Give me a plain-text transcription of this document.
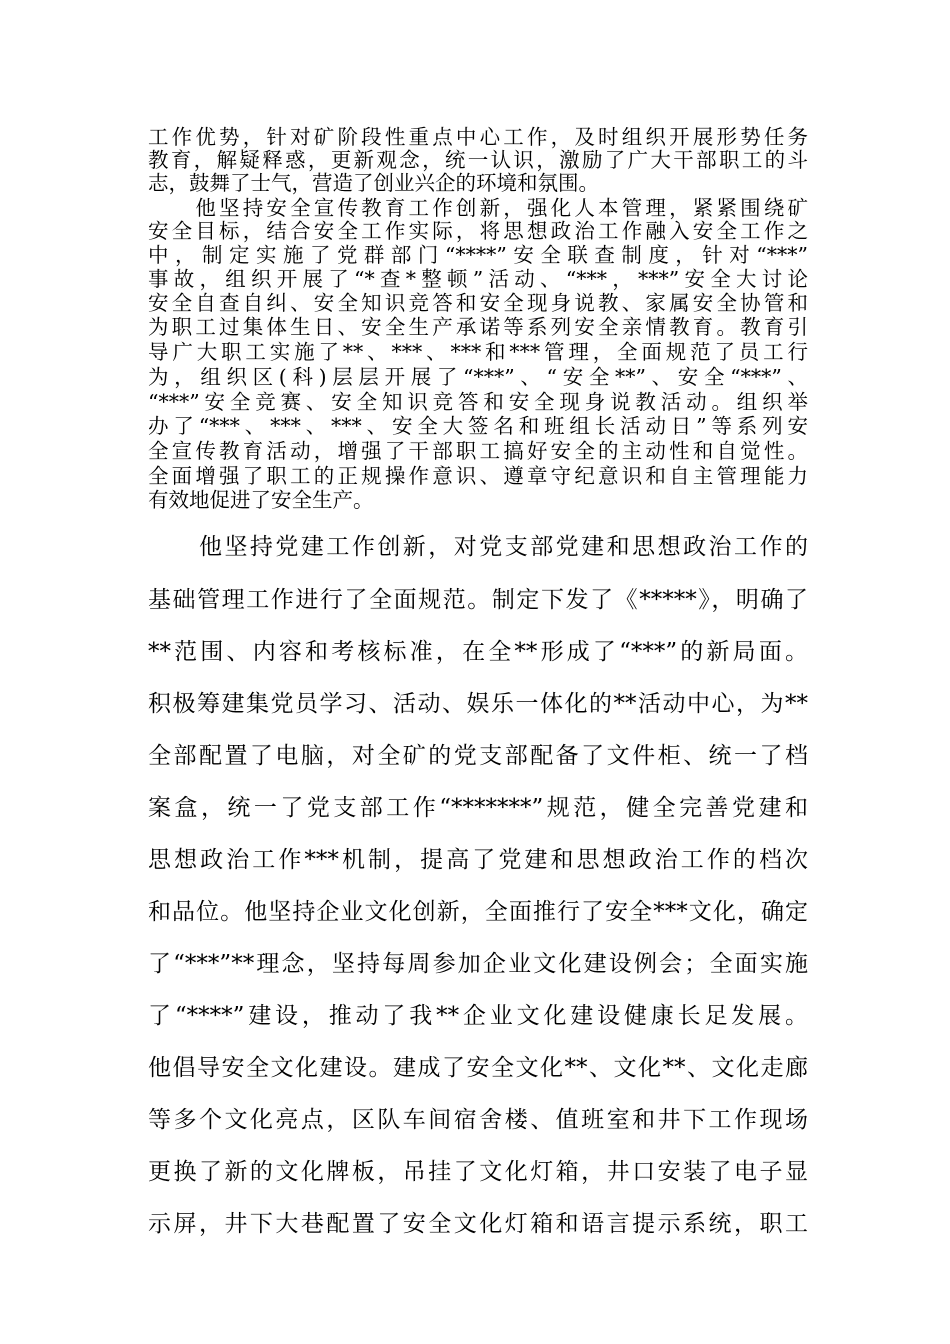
工作优势，针对矿阶段性重点中心工作，及时组织开展形势任务

教育，解疑释惑，更新观念，统一认识，激励了广大干部职工的斗

志，鼓舞了士气，营造了创业兴企的环境和氛围。

　　他坚持安全宣传教育工作创新，强化人本管理，紧紧围绕矿

安全目标，结合安全工作实际，将思想政治工作融入安全工作之

中，制定实施了党群部门“****”安全联查制度，针对“***”

事故，组织开展了“*查*整顿”活动、“***，***”安全大讨论

安全自查自纠、安全知识竞答和安全现身说教、家属安全协管和

为职工过集体生日、安全生产承诺等系列安全亲情教育。教育引

导广大职工实施了**、***、***和***管理，全面规范了员工行

为，组织区(科)层层开展了“***”、“安全**”、安全“***”、

“***”安全竞赛、安全知识竞答和安全现身说教活动。组织举

办了“***、***、***、安全大签名和班组长活动日”等系列安

全宣传教育活动，增强了干部职工搞好安全的主动性和自觉性。

全面增强了职工的正规操作意识、遵章守纪意识和自主管理能力

有效地促进了安全生产。

　　他坚持党建工作创新，对党支部党建和思想政治工作的

基础管理工作进行了全面规范。制定下发了《*****》，明确了

**范围、内容和考核标准，在全**形成了“***”的新局面。

积极筹建集党员学习、活动、娱乐一体化的**活动中心，为**

全部配置了电脑，对全矿的党支部配备了文件柜、统一了档

案盒，统一了党支部工作“*******”规范，健全完善党建和

思想政治工作***机制，提高了党建和思想政治工作的档次

和品位。他坚持企业文化创新，全面推行了安全***文化，确定

了“***”**理念，坚持每周参加企业文化建设例会；全面实施

了“****”建设，推动了我**企业文化建设健康长足发展。

他倡导安全文化建设。建成了安全文化**、文化**、文化走廊

等多个文化亮点，区队车间宿舍楼、值班室和井下工作现场

更换了新的文化牌板，吊挂了文化灯箱，井口安装了电子显

示屏，井下大巷配置了安全文化灯箱和语言提示系统，职工
